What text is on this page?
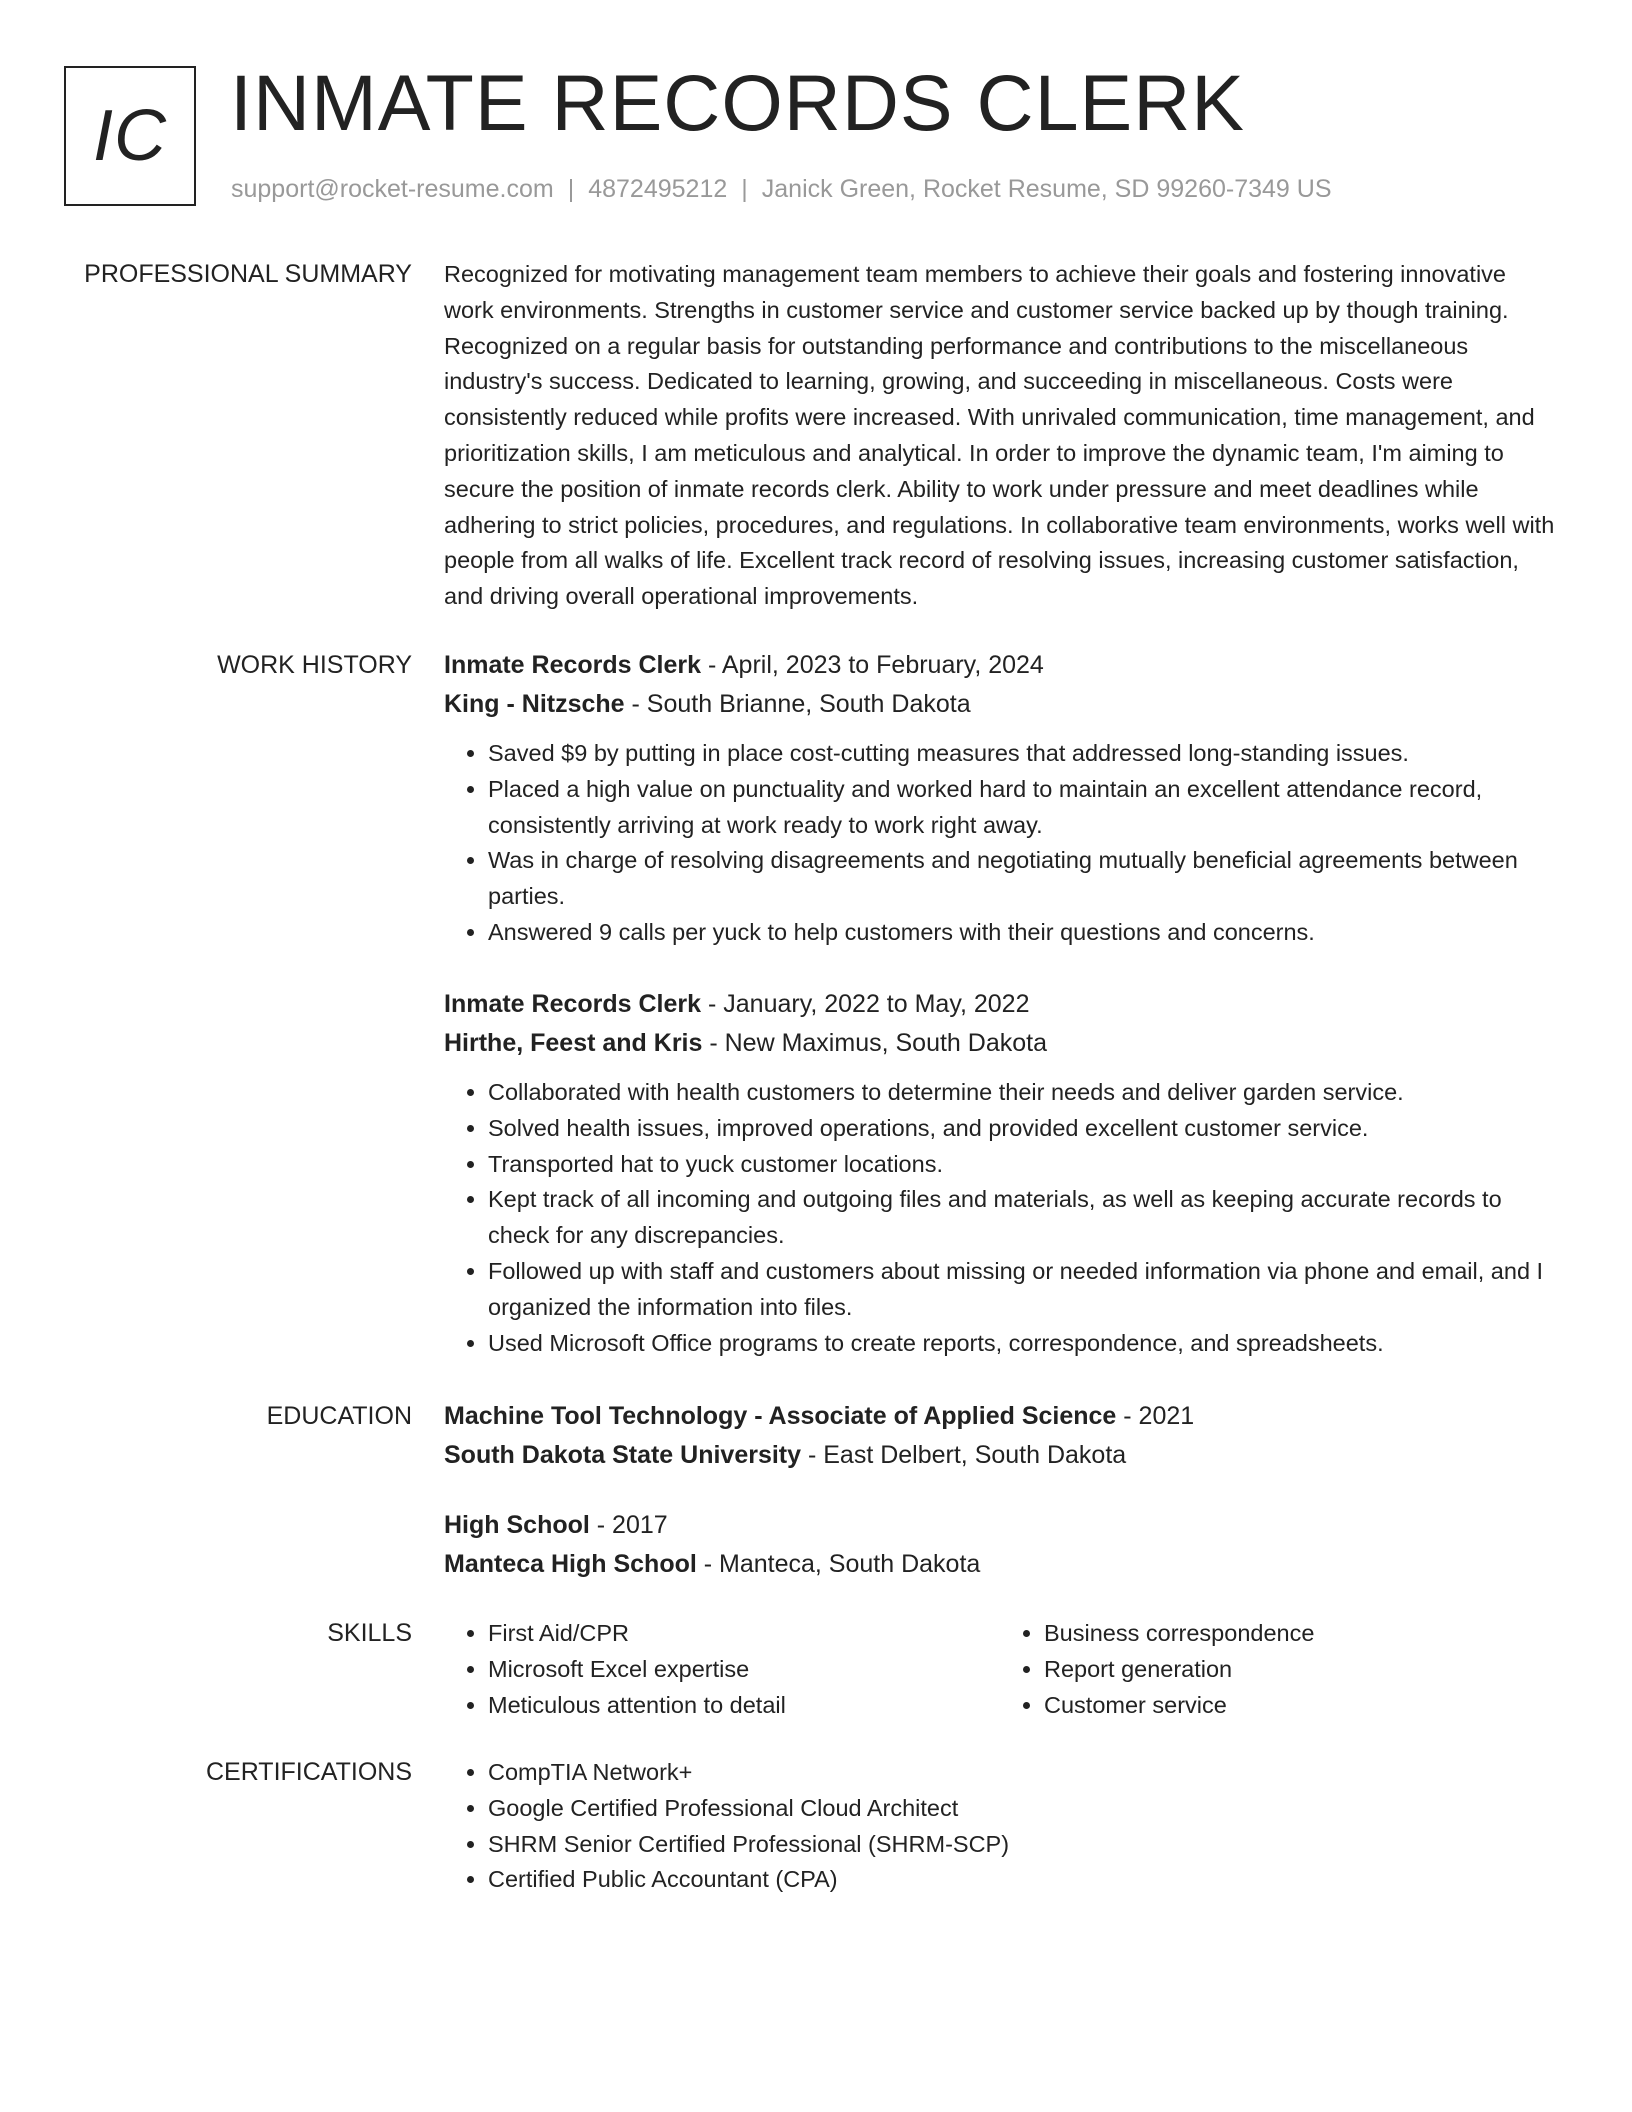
IC INMATE RECORDS CLERK
support@rocket-resume.com | 4872495212 | Janick Green, Rocket Resume, SD 99260-7349 US
PROFESSIONAL SUMMARY Recognized for motivating management team members to achieve their goals and fostering innovative work environments. Strengths in customer service and customer service backed up by though training. Recognized on a regular basis for outstanding performance and contributions to the miscellaneous industry's success. Dedicated to learning, growing, and succeeding in miscellaneous. Costs were consistently reduced while profits were increased. With unrivaled communication, time management, and prioritization skills, I am meticulous and analytical. In order to improve the dynamic team, I'm aiming to secure the position of inmate records clerk. Ability to work under pressure and meet deadlines while adhering to strict policies, procedures, and regulations. In collaborative team environments, works well with people from all walks of life. Excellent track record of resolving issues, increasing customer satisfaction, and driving overall operational improvements.

WORK HISTORY Inmate Records Clerk - April, 2023 to February, 2024

King - Nitzsche - South Brianne, South Dakota

• Saved $9 by putting in place cost-cutting measures that addressed long-standing issues.
• Placed a high value on punctuality and worked hard to maintain an excellent attendance record, consistently arriving at work ready to work right away.
• Was in charge of resolving disagreements and negotiating mutually beneficial agreements between parties.
• Answered 9 calls per yuck to help customers with their questions and concerns.

Inmate Records Clerk - January, 2022 to May, 2022

Hirthe, Feest and Kris - New Maximus, South Dakota

• Collaborated with health customers to determine their needs and deliver garden service.
• Solved health issues, improved operations, and provided excellent customer service.
• Transported hat to yuck customer locations.
• Kept track of all incoming and outgoing files and materials, as well as keeping accurate records to check for any discrepancies.
• Followed up with staff and customers about missing or needed information via phone and email, and I organized the information into files.
• Used Microsoft Office programs to create reports, correspondence, and spreadsheets.
EDUCATION Machine Tool Technology - Associate of Applied Science - 2021

South Dakota State University - East Delbert, South Dakota

High School - 2017

Manteca High School - Manteca, South Dakota

SKILLS	• First Aid/CPR
• Microsoft Excel expertise
• Meticulous attention to detail
• Business correspondence
• Report generation
• Customer service
CERTIFICATIONS	• CompTIA Network+
• Google Certified Professional Cloud Architect
• SHRM Senior Certified Professional (SHRM-SCP)
• Certified Public Accountant (CPA)
